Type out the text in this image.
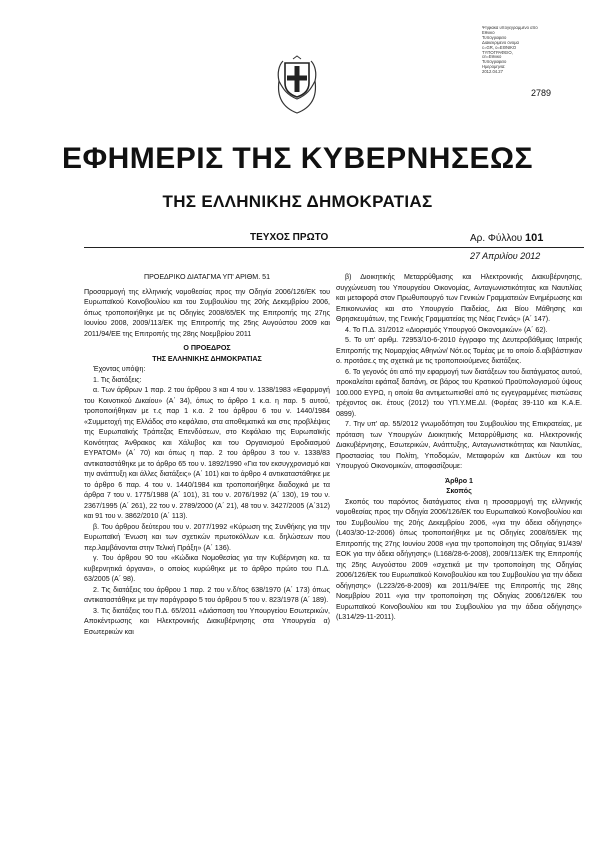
Ψηφιακά υπογεγραμμένο από
Εθνικό
Τυπογραφείο
Διακεκριμένο όνομα
c=GR, o=ΕΘΝΙΚΟ
ΤΥΠΟΓΡΑΦΕΙΟ,
cn=Εθνικό
Τυπογραφείο
Ημερομηνία:
2012.04.27
2789
ΕΦΗΜΕΡΙΣ ΤΗΣ ΚΥΒΕΡΝΗΣΕΩΣ
ΤΗΣ ΕΛΛΗΝΙΚΗΣ ΔΗΜΟΚΡΑΤΙΑΣ
ΤΕΥΧΟΣ ΠΡΩΤΟ	Αρ. Φύλλου 101
27 Απριλίου 2012

ΠΡΟΕΔΡΙΚΟ ΔΙΑΤΑΓΜΑ ΥΠ' ΑΡΙΘΜ. 51

Προσαρμογή της ελληνικής νομοθεσίας προς την Οδηγία 2006/126/ΕΚ του Ευρωπαϊκού Κοινοβουλίου και του Συμβουλίου της 20ής Δεκεμβρίου 2006, όπως τροποποιήθηκε με τις Οδηγίες 2008/65/ΕΚ της Επιτροπής της 27ης Ιουνίου 2008, 2009/113/ΕΚ της Επιτροπής της 25ης Αυγούστου 2009 και 2011/94/ΕΕ της Επιτροπής της 28ης Νοεμβρίου 2011

Ο ΠΡΟΕΔΡΟΣ

ΤΗΣ ΕΛΛΗΝΙΚΗΣ ΔΗΜΟΚΡΑΤΙΑΣ

Έχοντας υπόψη:

1. Τις διατάξεις:

α. Των άρθρων 1 παρ. 2 του άρθρου 3 και 4 του ν. 1338/1983 «Εφαρμογή του Κοινοτικού Δικαίου» (Α΄ 34), όπως το άρθρο 1 κ.α. η παρ. 5 αυτού, τροποποιήθηκαν με τ.ς παρ 1 κ.α. 2 του άρθρου 6 του ν. 1440/1984 «Συμμετοχή της Ελλάδος στο κεφάλαιο, στα αποθεματικά και στις προβλέψεις της Ευρωπαϊκής Τράπεζας Επενδύσεων, στο Κεφάλαιο της Ευρωπαϊκής Κοινότητας Άνθρακος και Χάλυβος και του Οργανισμού Εφοδιασμού ΕΥΡΑΤΟΜ» (Α΄ 70) και όπως η παρ. 2 του άρθρου 3 του ν. 1338/83 αντικαταστάθηκε με το άρθρο 65 του ν. 1892/1990 «Για τον εκσυγχρονισμό και την ανάπτυξη και άλλες διατάξεις» (Α΄ 101) και το άρθρο 4 αντικαταστάθηκε με το άρθρο 6 παρ. 4 του ν. 1440/1984 και τροποποιήθηκε διαδοχικά με τα άρθρα 7 του ν. 1775/1988 (Α΄ 101), 31 του ν. 2076/1992 (Α΄ 130), 19 του ν. 2367/1995 (Α΄ 261), 22 του ν. 2789/2000 (Α΄ 21), 48 του ν. 3427/2005 (Α΄312) και 91 του ν. 3862/2010 (Α΄ 113).

β. Του άρθρου δεύτερου του ν. 2077/1992 «Κύρωση της Συνθήκης για την Ευρωπαϊκή Ένωση και των σχετικών πρωτοκόλλων κ.α. δηλώσεων που περ.λαμβάνονται στην Τελική Πράξη» (Α΄ 136).

γ. Του άρθρου 90 του «Κώδικα Νομοθεσίας για την Κυβέρνηση κα. τα κυβερνητικά όργανα», ο οποίος κυρώθηκε με το άρθρο πρώτο του Π.Δ. 63/2005 (Α΄ 98).

2. Τις διατάξεις του άρθρου 1 παρ. 2 του ν.δ/τος 638/1970 (Α΄ 173) όπως αντικαταστάθηκε με την παράγραφο 5 του άρθρου 5 του ν. 823/1978 (Α΄ 189).

3. Τις διατάξεις του Π.Δ. 65/2011 «Διάσπαση του Υπουργείου Εσωτερικών, Αποκέντρωσης και Ηλεκτρονικής Διακυβέρνησης στα Υπουργεία α) Εσωτερικών και

β) Διοικητικής Μεταρρύθμισης και Ηλεκτρονικής Διακυβέρνησης, συγχώνευση του Υπουργείου Οικονομίας, Ανταγωνιστικότητας και Ναυτιλίας και μεταφορά στον Πρωθυπουργό των Γενικών Γραμματειών Ενημέρωσης και Επικοινωνίας και στο Υπουργείο Παιδείας, Δια Βίου Μάθησης και Θρησκευμάτων, της Γενικής Γραμματείας της Νέας Γενιάς» (Α΄ 147).

4. Το Π.Δ. 31/2012 «Διορισμός Υπουργού Οικονομικών» (Α΄ 62).

5. Το υπ' αριθμ. 72953/10-6-2010 έγγραφο της Δευτεροβάθμιας Ιατρικής Επιτροπής της Νομαρχίας Αθηνών/ Νότ.ος Τομέας με το οποίο δ.αβιβάστηκαν ο. προτάσε.ς της σχετικά με τις τροποποιούμενες διατάξεις.

6. Το γεγονός ότι από την εφαρμογή των διατάξεων του διατάγματος αυτού, προκαλείται εφάπαξ δαπάνη, σε βάρος του Κρατικού Προϋπολογισμού ύψους 100.000 ΕΥΡΩ, η οποία θα αντιμετωπισθεί από τις εγγεγραμμένες πιστώσεις τρέχοντος οικ. έτους (2012) του ΥΠ.Υ.ΜΕ.ΔΙ. (Φορέας 39-110 και Κ.Α.Ε. 0899).

7. Την υπ' αρ. 55/2012 γνωμοδότηση του Συμβουλίου της Επικρατείας, με πρόταση των Υπουργών Διοικητικής Μεταρρύθμισης κα. Ηλεκτρονικής Διακυβέρνησης, Εσωτερικών, Ανάπτυξης, Ανταγωνιστικότητας και Ναυτιλίας, Προστασίας του Πολίτη, Υποδομών, Μεταφορών και Δικτύων και του Υπουργού Οικονομικών, αποφασίζουμε:

Άρθρο 1

Σκοπός

Σκοπός του παρόντος διατάγματος είναι η προσαρμογή της ελληνικής νομοθεσίας προς την Οδηγία 2006/126/ΕΚ του Ευρωπαϊκού Κοινοβουλίου και του Συμβουλίου της 20ής Δεκεμβρίου 2006, «για την άδεια οδήγησης» (L403/30-12-2006) όπως τροποποιήθηκε με τις Οδηγίες 2008/65/ΕΚ της Επιτροπής της 27ης Ιουνίου 2008 «για την τροποποίηση της Οδηγίας 91/439/ΕΟΚ για την άδεια οδήγησης» (L168/28-6-2008), 2009/113/ΕΚ της Επιτροπής της 25ης Αυγούστου 2009 «σχετικά με την τροποποίηση της Οδηγίας 2006/126/ΕΚ του Ευρωπαϊκού Κοινοβουλίου και του Συμβουλίου για την άδεια οδήγησης» (L223/26-8-2009) και 2011/94/ΕΕ της Επιτροπής της 28ης Νοεμβρίου 2011 «για την τροποποίηση της Οδηγίας 2006/126/ΕΚ του Ευρωπαϊκού Κοινοβουλίου και του Συμβουλίου για την άδεια οδήγησης» (L314/29-11-2011).
